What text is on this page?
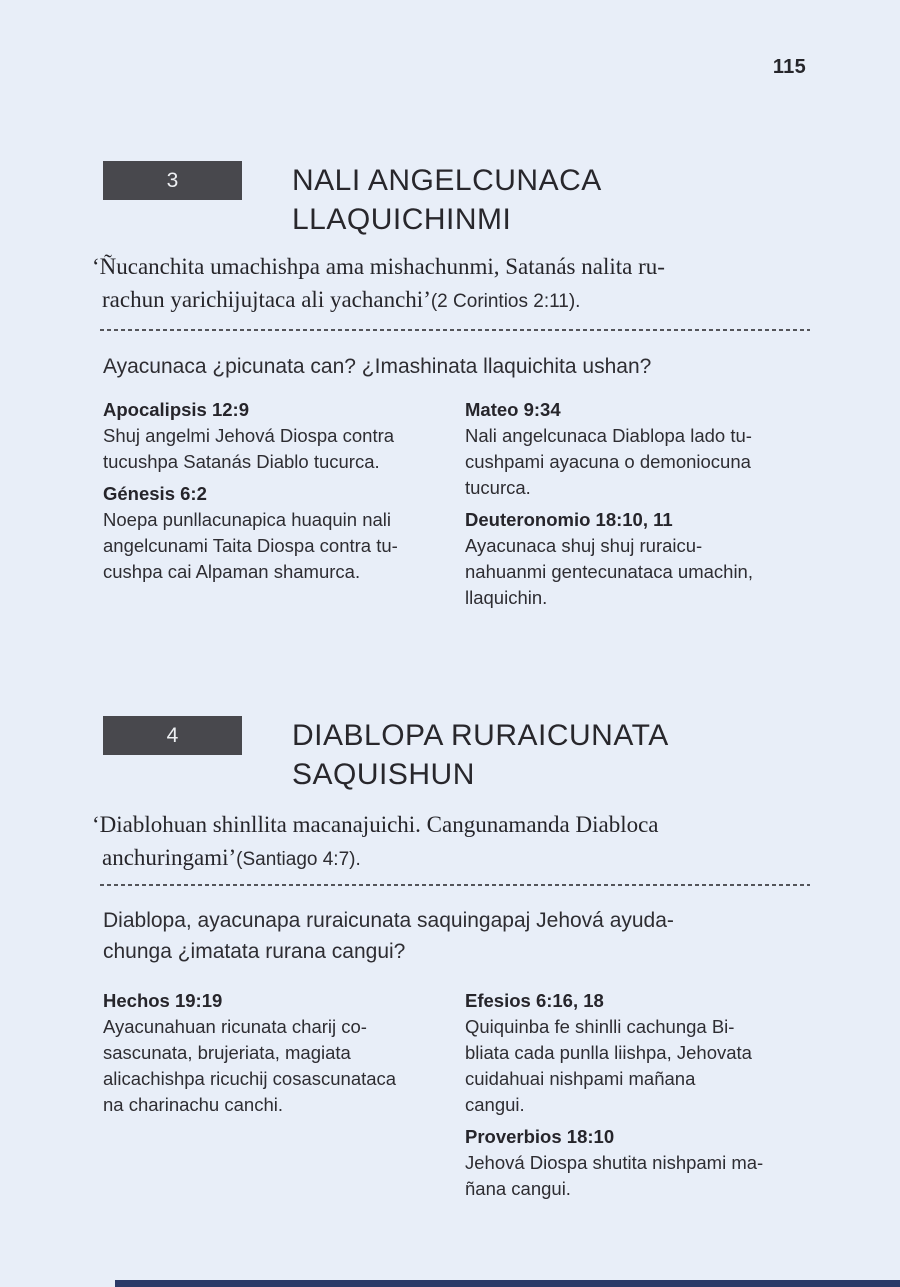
115
3	NALI ANGELCUNACA
LLAQUICHINMI
‘Ñucanchita umachishpa ama mishachunmi, Satanás nalita ru-
rachun yarichijujtaca ali yachanchi’(2 Corintios 2:11).
Ayacunaca ¿picunata can? ¿Imashinata llaquichita ushan?
Apocalipsis 12:9
Shuj angelmi Jehová Diospa contra
tucushpa Satanás Diablo tucurca.
Génesis 6:2
Noepa punllacunapica huaquin nali
angelcunami Taita Diospa contra tu-
cushpa cai Alpaman shamurca.
Mateo 9:34
Nali angelcunaca Diablopa lado tu-
cushpami ayacuna o demoniocuna
tucurca.
Deuteronomio 18:10, 11
Ayacunaca shuj shuj ruraicu-
nahuanmi gentecunataca umachin,
llaquichin.
4	DIABLOPA RURAICUNATA
SAQUISHUN
‘Diablohuan shinllita macanajuichi. Cangunamanda Diabloca
anchuringami’(Santiago 4:7).
Diablopa, ayacunapa ruraicunata saquingapaj Jehová ayuda-
chunga ¿imatata rurana cangui?
Hechos 19:19
Ayacunahuan ricunata charij co-
sascunata, brujeriata, magiata
alicachishpa ricuchij cosascunataca
na charinachu canchi.
Efesios 6:16, 18
Quiquinba fe shinlli cachunga Bi-
bliata cada punlla liishpa, Jehovata
cuidahuai nishpami mañana
cangui.
Proverbios 18:10
Jehová Diospa shutita nishpami ma-
ñana cangui.
